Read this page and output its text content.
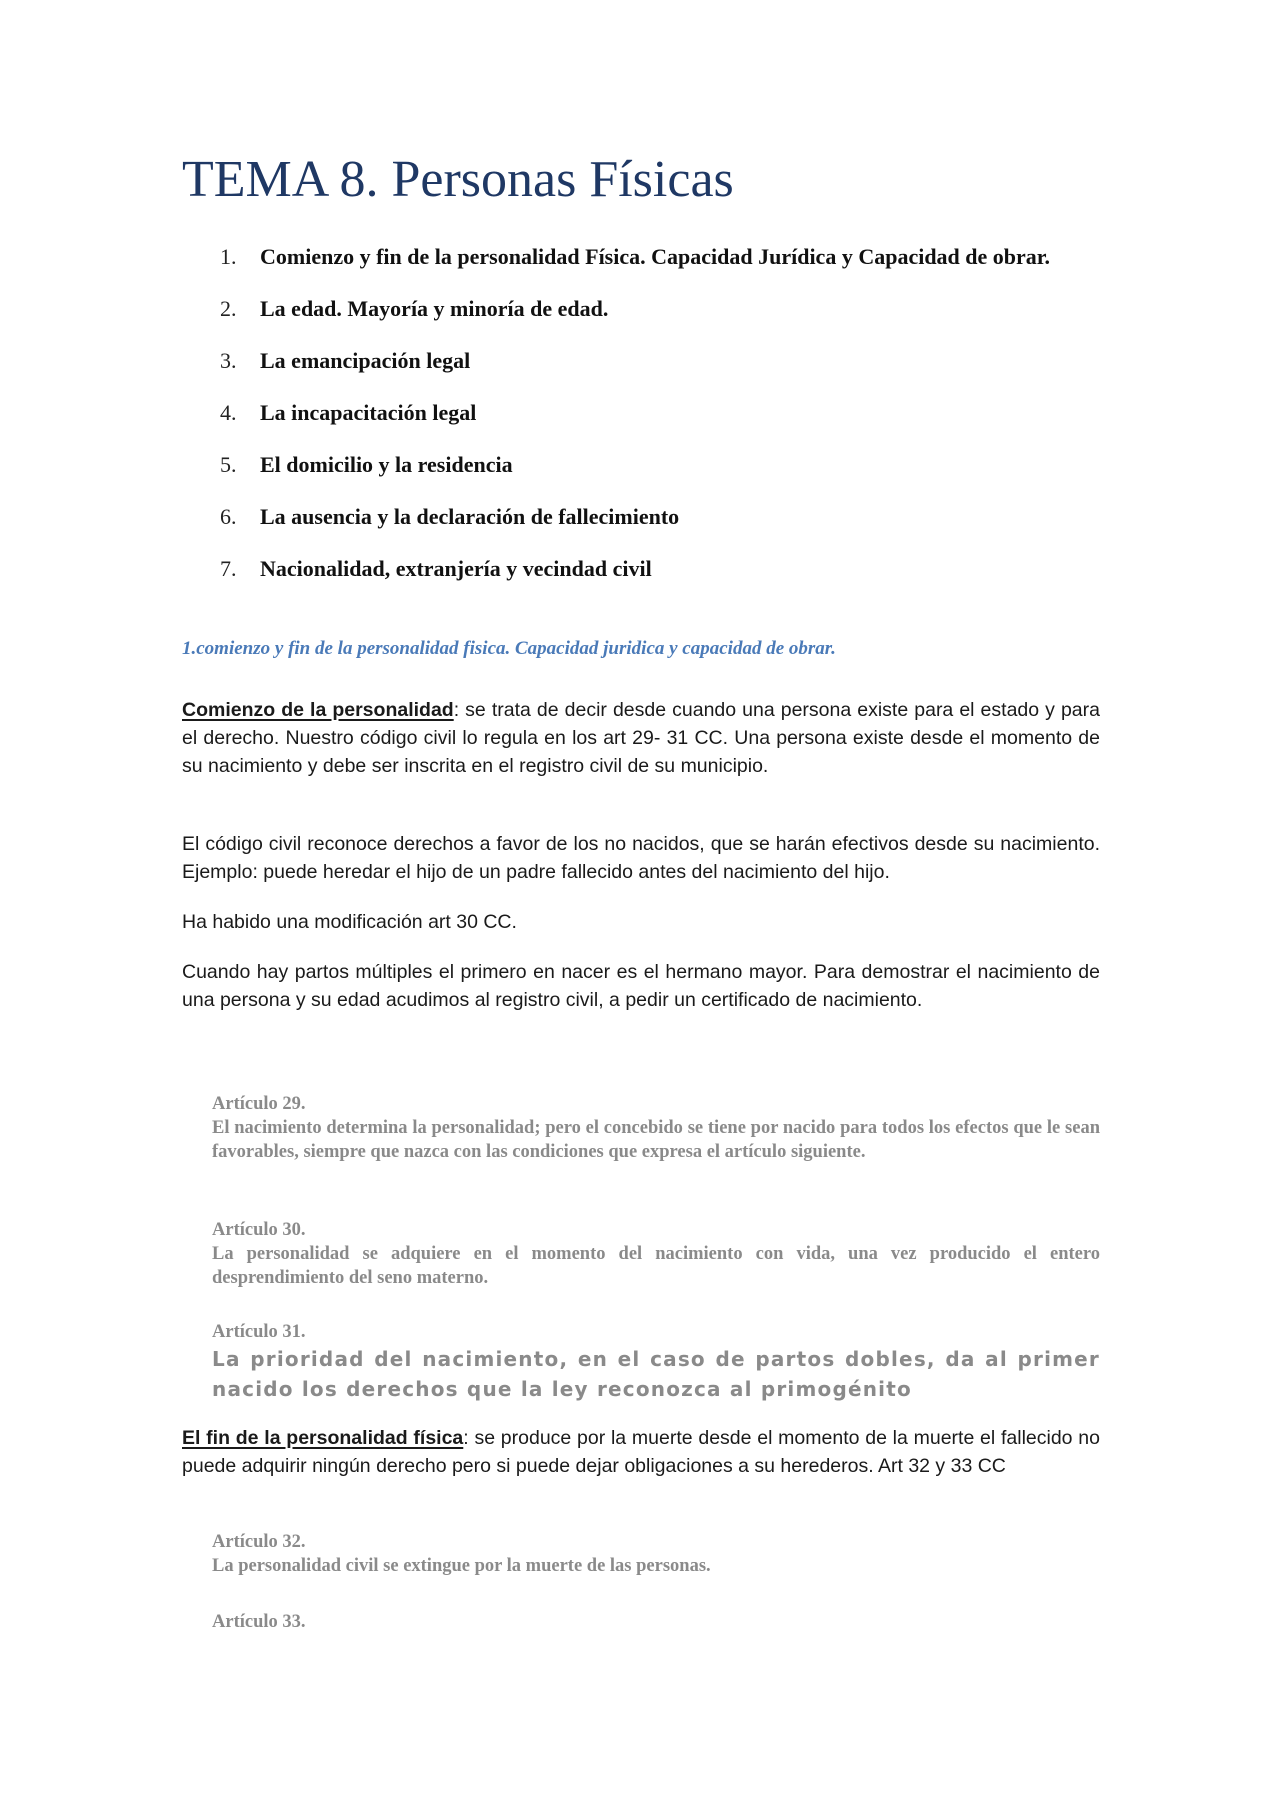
TEMA 8. Personas Físicas
1. Comienzo y fin de la personalidad Física. Capacidad Jurídica y Capacidad de obrar.
2. La edad. Mayoría y minoría de edad.
3. La emancipación legal
4. La incapacitación legal
5. El domicilio y la residencia
6. La ausencia y la declaración de fallecimiento
7. Nacionalidad, extranjería y vecindad civil

1.comienzo y fin de la personalidad fisica. Capacidad juridica y capacidad de obrar.

Comienzo de la personalidad: se trata de decir desde cuando una persona existe para el estado y para el derecho. Nuestro código civil lo regula en los art 29- 31 CC. Una persona existe desde el momento de su nacimiento y debe ser inscrita en el registro civil de su municipio.

El código civil reconoce derechos a favor de los no nacidos, que se harán efectivos desde su nacimiento. Ejemplo: puede heredar el hijo de un padre fallecido antes del nacimiento del hijo.

Ha habido una modificación art 30 CC.

Cuando hay partos múltiples el primero en nacer es el hermano mayor. Para demostrar el nacimiento de una persona y su edad acudimos al registro civil, a pedir un certificado de nacimiento.

Artículo 29.
El nacimiento determina la personalidad; pero el concebido se tiene por nacido para todos los efectos que le sean favorables, siempre que nazca con las condiciones que expresa el artículo siguiente.
Artículo 30.
La personalidad se adquiere en el momento del nacimiento con vida, una vez producido el entero desprendimiento del seno materno.
Artículo 31.
La prioridad del nacimiento, en el caso de partos dobles, da al primer nacido los derechos que la ley reconozca al primogénito

El fin de la personalidad física: se produce por la muerte desde el momento de la muerte el fallecido no puede adquirir ningún derecho pero si puede dejar obligaciones a su herederos. Art 32 y 33 CC

Artículo 32.
La personalidad civil se extingue por la muerte de las personas.
Artículo 33.
